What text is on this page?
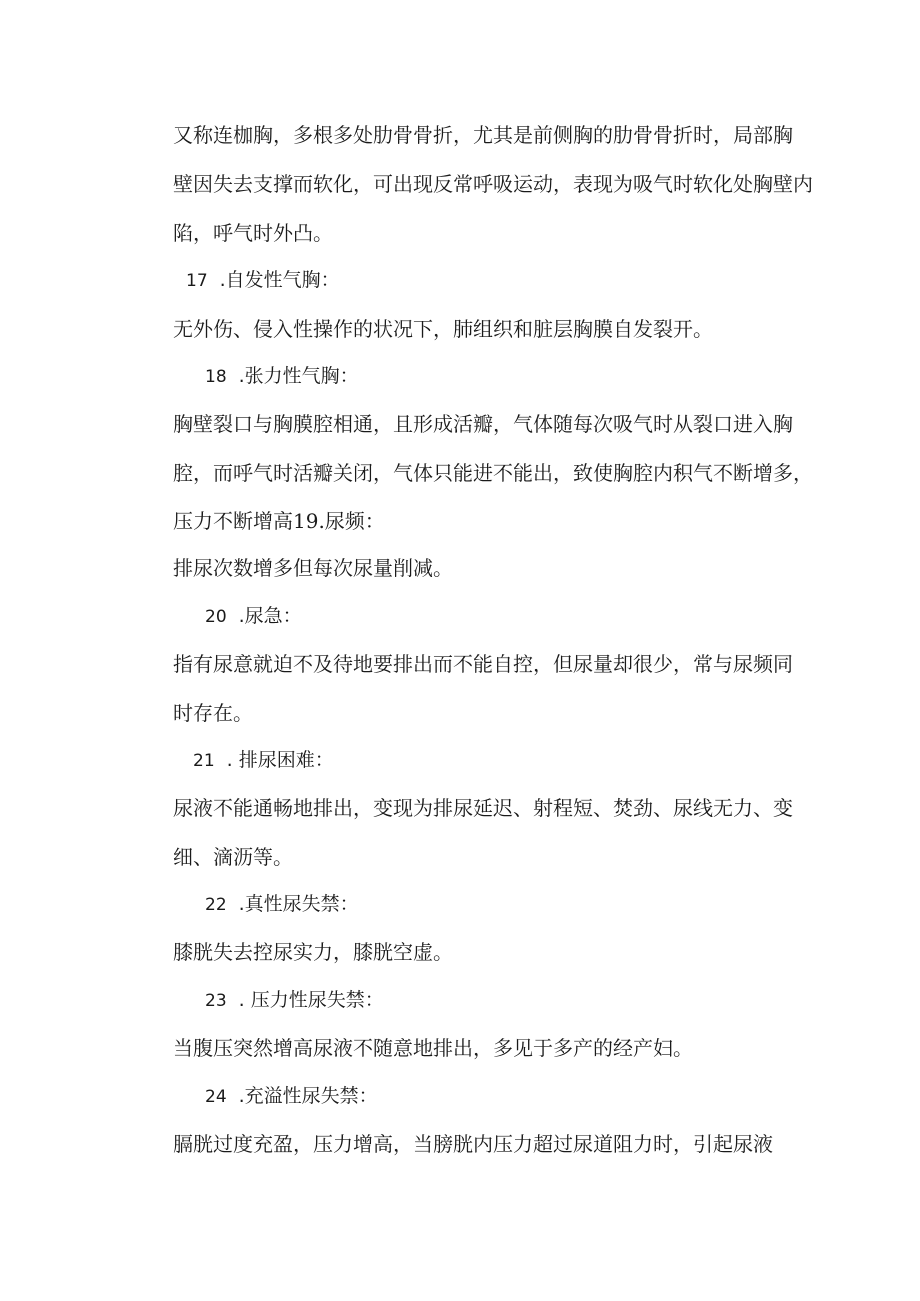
又称连枷胸，多根多处肋骨骨折，尤其是前侧胸的肋骨骨折时，局部胸
壁因失去支撑而软化，可出现反常呼吸运动，表现为吸气时软化处胸壁内
陷，呼气时外凸。
17 .自发性气胸：
无外伤、侵入性操作的状况下，肺组织和脏层胸膜自发裂开。
18 .张力性气胸：
胸壁裂口与胸膜腔相通，且形成活瓣，气体随每次吸气时从裂口进入胸
腔，而呼气时活瓣关闭，气体只能进不能出，致使胸腔内积气不断增多，
压力不断增高19.尿频：
排尿次数增多但每次尿量削减。
20 .尿急：
指有尿意就迫不及待地要排出而不能自控，但尿量却很少，常与尿频同
时存在。
21 . 排尿困难：
尿液不能通畅地排出，变现为排尿延迟、射程短、焚劲、尿线无力、变
细、滴沥等。
22 .真性尿失禁：
膝胱失去控尿实力，膝胱空虚。
23 . 压力性尿失禁：
当腹压突然增高尿液不随意地排出，多见于多产的经产妇。
24 .充溢性尿失禁：
膈胱过度充盈，压力增高，当膀胱内压力超过尿道阻力时，引起尿液
